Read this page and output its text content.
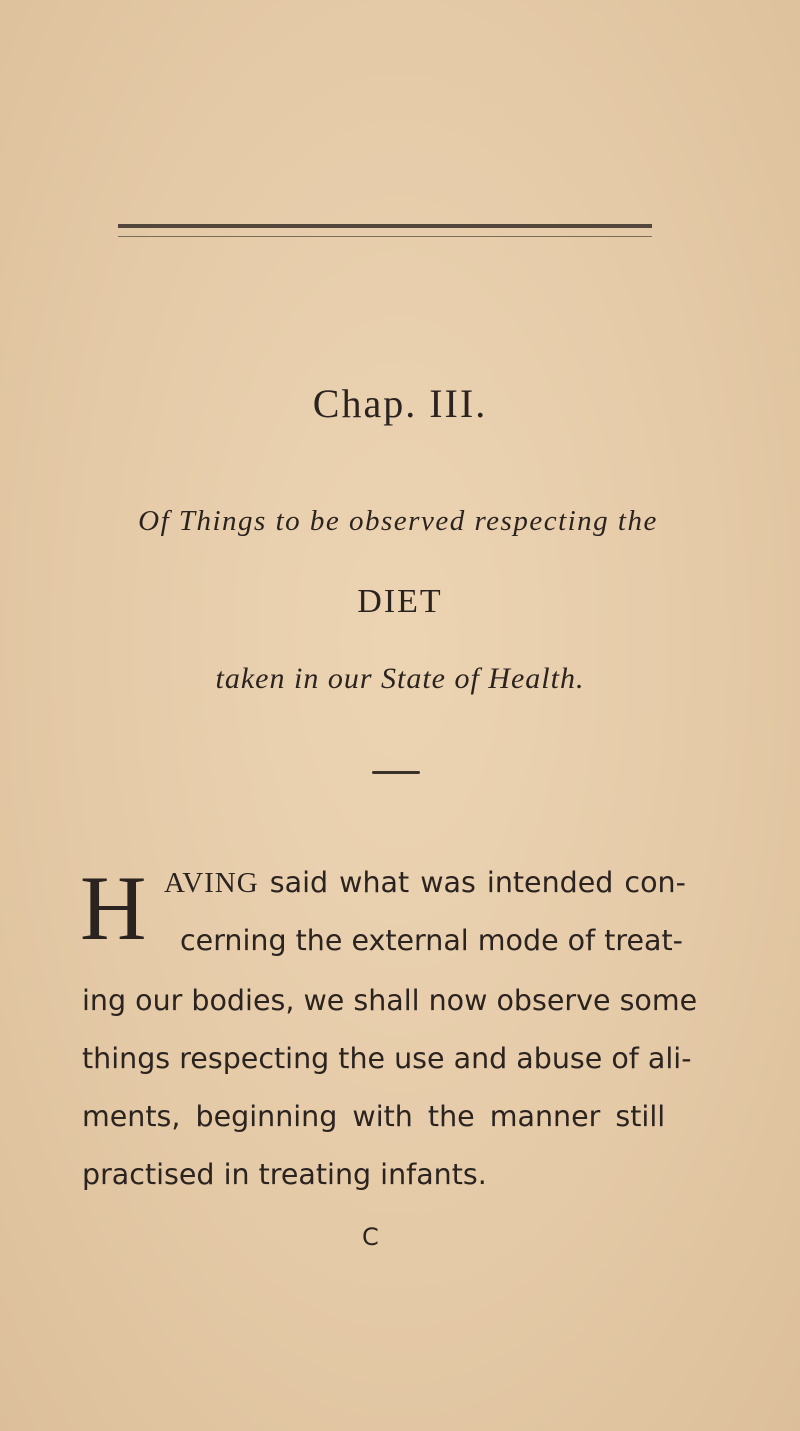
Chap. III.
Of Things to be observed respecting the
DIET
taken in our State of Health.
H AVING said what was intended con-
cerning the external mode of treat-
ing our bodies, we shall now observe some
things respecting the use and abuse of ali-
ments, beginning with the manner still
practised in treating infants.
C
